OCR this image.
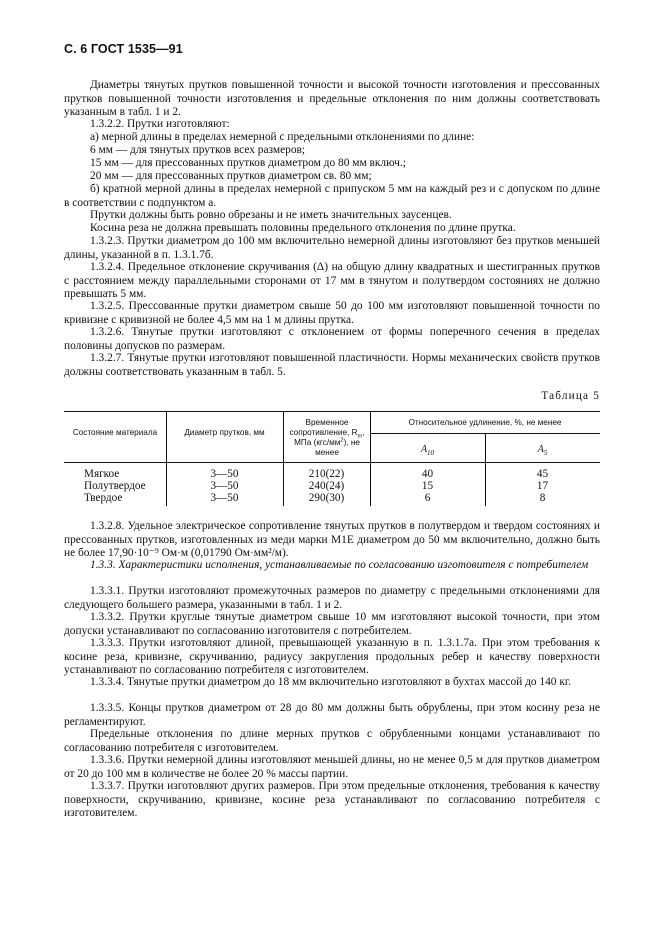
С. 6 ГОСТ 1535—91
Диаметры тянутых прутков повышенной точности и высокой точности изготовления и прессованных прутков повышенной точности изготовления и предельные отклонения по ним должны соответствовать указанным в табл. 1 и 2.
1.3.2.2. Прутки изготовляют:
а) мерной длины в пределах немерной с предельными отклонениями по длине:
6 мм — для тянутых прутков всех размеров;
15 мм — для прессованных прутков диаметром до 80 мм включ.;
20 мм — для прессованных прутков диаметром св. 80 мм;
б) кратной мерной длины в пределах немерной с припуском 5 мм на каждый рез и с допуском по длине в соответствии с подпунктом а.
Прутки должны быть ровно обрезаны и не иметь значительных заусенцев.
Косина реза не должна превышать половины предельного отклонения по длине прутка.
1.3.2.3. Прутки диаметром до 100 мм включительно немерной длины изготовляют без прутков меньшей длины, указанной в п. 1.3.1.7б.
1.3.2.4. Предельное отклонение скручивания (Δ) на общую длину квадратных и шестигранных прутков с расстоянием между параллельными сторонами от 17 мм в тянутом и полутвердом состояниях не должно превышать 5 мм.
1.3.2.5. Прессованные прутки диаметром свыше 50 до 100 мм изготовляют повышенной точности по кривизне с кривизной не более 4,5 мм на 1 м длины прутка.
1.3.2.6. Тянутые прутки изготовляют с отклонением от формы поперечного сечения в пределах половины допусков по размерам.
1.3.2.7. Тянутые прутки изготовляют повышенной пластичности. Нормы механических свойств прутков должны соответствовать указанным в табл. 5.
Таблица 5
Состояние материала	Диаметр прутков, мм
Временное сопротивление, $R_m$, МПа $(кгс/мм^2)$, не менее
Относительное удлинение, %, не менее
$A_{10}$	$A_5$
Мягкое	3—50	210(22)	40	45
Полутвердое	3—50	240(24)	15	17
Твердое	3—50	290(30)	6	8
1.3.2.8. Удельное электрическое сопротивление тянутых прутков в полутвердом и твердом состояниях и прессованных прутков, изготовленных из меди марки М1Е диаметром до 50 мм включительно, должно быть не более 17,90·10⁻⁹ Ом·м (0,01790 Ом·мм²/м).
1.3.3. Характеристики исполнения, устанавливаемые по согласованию изготовителя с потребителем
1.3.3.1. Прутки изготовляют промежуточных размеров по диаметру с предельными отклонениями для следующего большего размера, указанными в табл. 1 и 2.
1.3.3.2. Прутки круглые тянутые диаметром свыше 10 мм изготовляют высокой точности, при этом допуски устанавливают по согласованию изготовителя с потребителем.
1.3.3.3. Прутки изготовляют длиной, превышающей указанную в п. 1.3.1.7а. При этом требования к косине реза, кривизне, скручиванию, радиусу закругления продольных ребер и качеству поверхности устанавливают по согласованию потребителя с изготовителем.
1.3.3.4. Тянутые прутки диаметром до 18 мм включительно изготовляют в бухтах массой до 140 кг.
1.3.3.5. Концы прутков диаметром от 28 до 80 мм должны быть обрублены, при этом косину реза не регламентируют.
Предельные отклонения по длине мерных прутков с обрубленными концами устанавливают по согласованию потребителя с изготовителем.
1.3.3.6. Прутки немерной длины изготовляют меньшей длины, но не менее 0,5 м для прутков диаметром от 20 до 100 мм в количестве не более 20 % массы партии.
1.3.3.7. Прутки изготовляют других размеров. При этом предельные отклонения, требования к качеству поверхности, скручиванию, кривизне, косине реза устанавливают по согласованию потребителя с изготовителем.
